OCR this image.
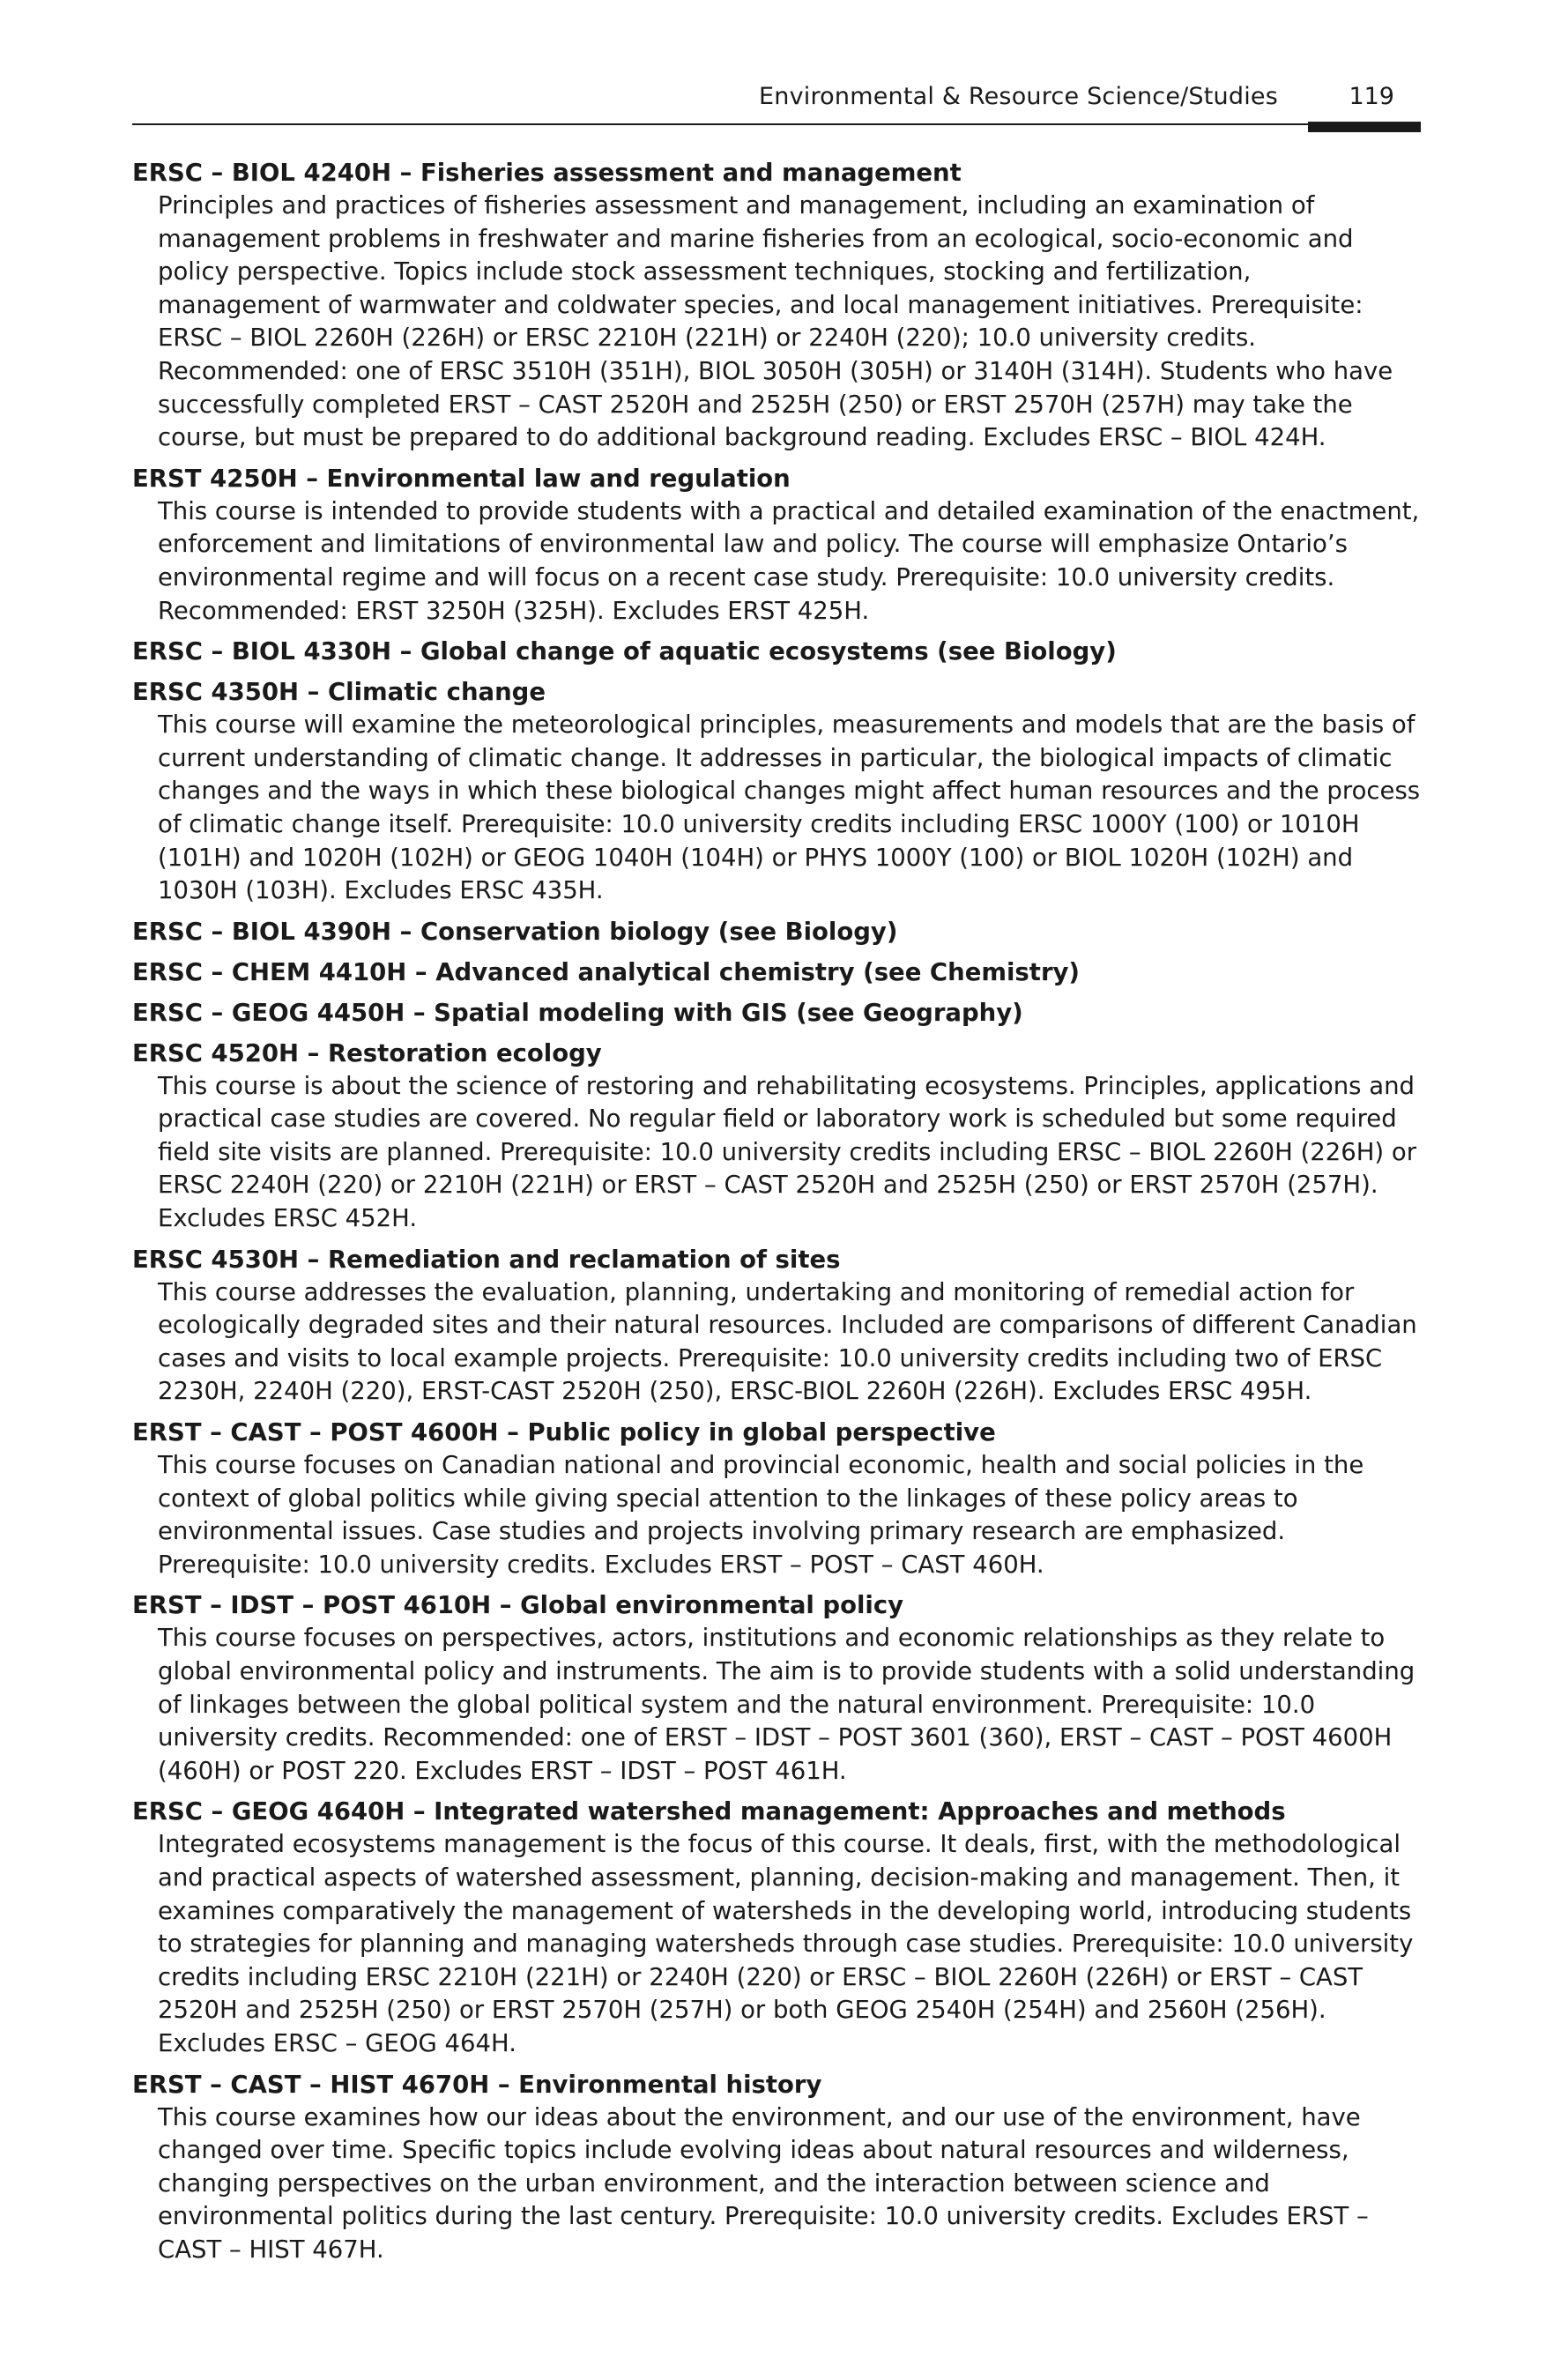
Environmental & Resource Science/Studies	119

ERSC – BIOL 4240H – Fisheries assessment and management

Principles and practices of fisheries assessment and management, including an examination of management problems in freshwater and marine fisheries from an ecological, socio-economic and policy perspective. Topics include stock assessment techniques, stocking and fertilization, management of warmwater and coldwater species, and local management initiatives. Prerequisite: ERSC – BIOL 2260H (226H) or ERSC 2210H (221H) or 2240H (220); 10.0 university credits. Recommended: one of ERSC 3510H (351H), BIOL 3050H (305H) or 3140H (314H). Students who have successfully completed ERST – CAST 2520H and 2525H (250) or ERST 2570H (257H) may take the course, but must be prepared to do additional background reading. Excludes ERSC – BIOL 424H.

ERST 4250H – Environmental law and regulation

This course is intended to provide students with a practical and detailed examination of the enactment, enforcement and limitations of environmental law and policy. The course will emphasize Ontario’s environmental regime and will focus on a recent case study. Prerequisite: 10.0 university credits. Recommended: ERST 3250H (325H). Excludes ERST 425H.

ERSC – BIOL 4330H – Global change of aquatic ecosystems (see Biology)

ERSC 4350H – Climatic change

This course will examine the meteorological principles, measurements and models that are the basis of current understanding of climatic change. It addresses in particular, the biological impacts of climatic changes and the ways in which these biological changes might affect human resources and the process of climatic change itself. Prerequisite: 10.0 university credits including ERSC 1000Y (100) or 1010H (101H) and 1020H (102H) or GEOG 1040H (104H) or PHYS 1000Y (100) or BIOL 1020H (102H) and 1030H (103H). Excludes ERSC 435H.

ERSC – BIOL 4390H – Conservation biology (see Biology)

ERSC – CHEM 4410H – Advanced analytical chemistry (see Chemistry)

ERSC – GEOG 4450H – Spatial modeling with GIS (see Geography)

ERSC 4520H – Restoration ecology

This course is about the science of restoring and rehabilitating ecosystems. Principles, applications and practical case studies are covered. No regular field or laboratory work is scheduled but some required field site visits are planned. Prerequisite: 10.0 university credits including ERSC – BIOL 2260H (226H) or ERSC 2240H (220) or 2210H (221H) or ERST – CAST 2520H and 2525H (250) or ERST 2570H (257H). Excludes ERSC 452H.

ERSC 4530H – Remediation and reclamation of sites

This course addresses the evaluation, planning, undertaking and monitoring of remedial action for ecologically degraded sites and their natural resources. Included are comparisons of different Canadian cases and visits to local example projects. Prerequisite: 10.0 university credits including two of ERSC 2230H, 2240H (220), ERST-CAST 2520H (250), ERSC-BIOL 2260H (226H). Excludes ERSC 495H.

ERST – CAST – POST 4600H – Public policy in global perspective

This course focuses on Canadian national and provincial economic, health and social policies in the context of global politics while giving special attention to the linkages of these policy areas to environmental issues. Case studies and projects involving primary research are emphasized. Prerequisite: 10.0 university credits. Excludes ERST – POST – CAST 460H.

ERST – IDST – POST 4610H – Global environmental policy

This course focuses on perspectives, actors, institutions and economic relationships as they relate to global environmental policy and instruments. The aim is to provide students with a solid understanding of linkages between the global political system and the natural environment. Prerequisite: 10.0 university credits. Recommended: one of ERST – IDST – POST 3601 (360), ERST – CAST – POST 4600H (460H) or POST 220. Excludes ERST – IDST – POST 461H.

ERSC – GEOG 4640H – Integrated watershed management: Approaches and methods

Integrated ecosystems management is the focus of this course. It deals, first, with the methodological and practical aspects of watershed assessment, planning, decision-making and management. Then, it examines comparatively the management of watersheds in the developing world, introducing students to strategies for planning and managing watersheds through case studies. Prerequisite: 10.0 university credits including ERSC 2210H (221H) or 2240H (220) or ERSC – BIOL 2260H (226H) or ERST – CAST 2520H and 2525H (250) or ERST 2570H (257H) or both GEOG 2540H (254H) and 2560H (256H). Excludes ERSC – GEOG 464H.

ERST – CAST – HIST 4670H – Environmental history

This course examines how our ideas about the environment, and our use of the environment, have changed over time. Specific topics include evolving ideas about natural resources and wilderness, changing perspectives on the urban environment, and the interaction between science and environmental politics during the last century. Prerequisite: 10.0 university credits. Excludes ERST – CAST – HIST 467H.
